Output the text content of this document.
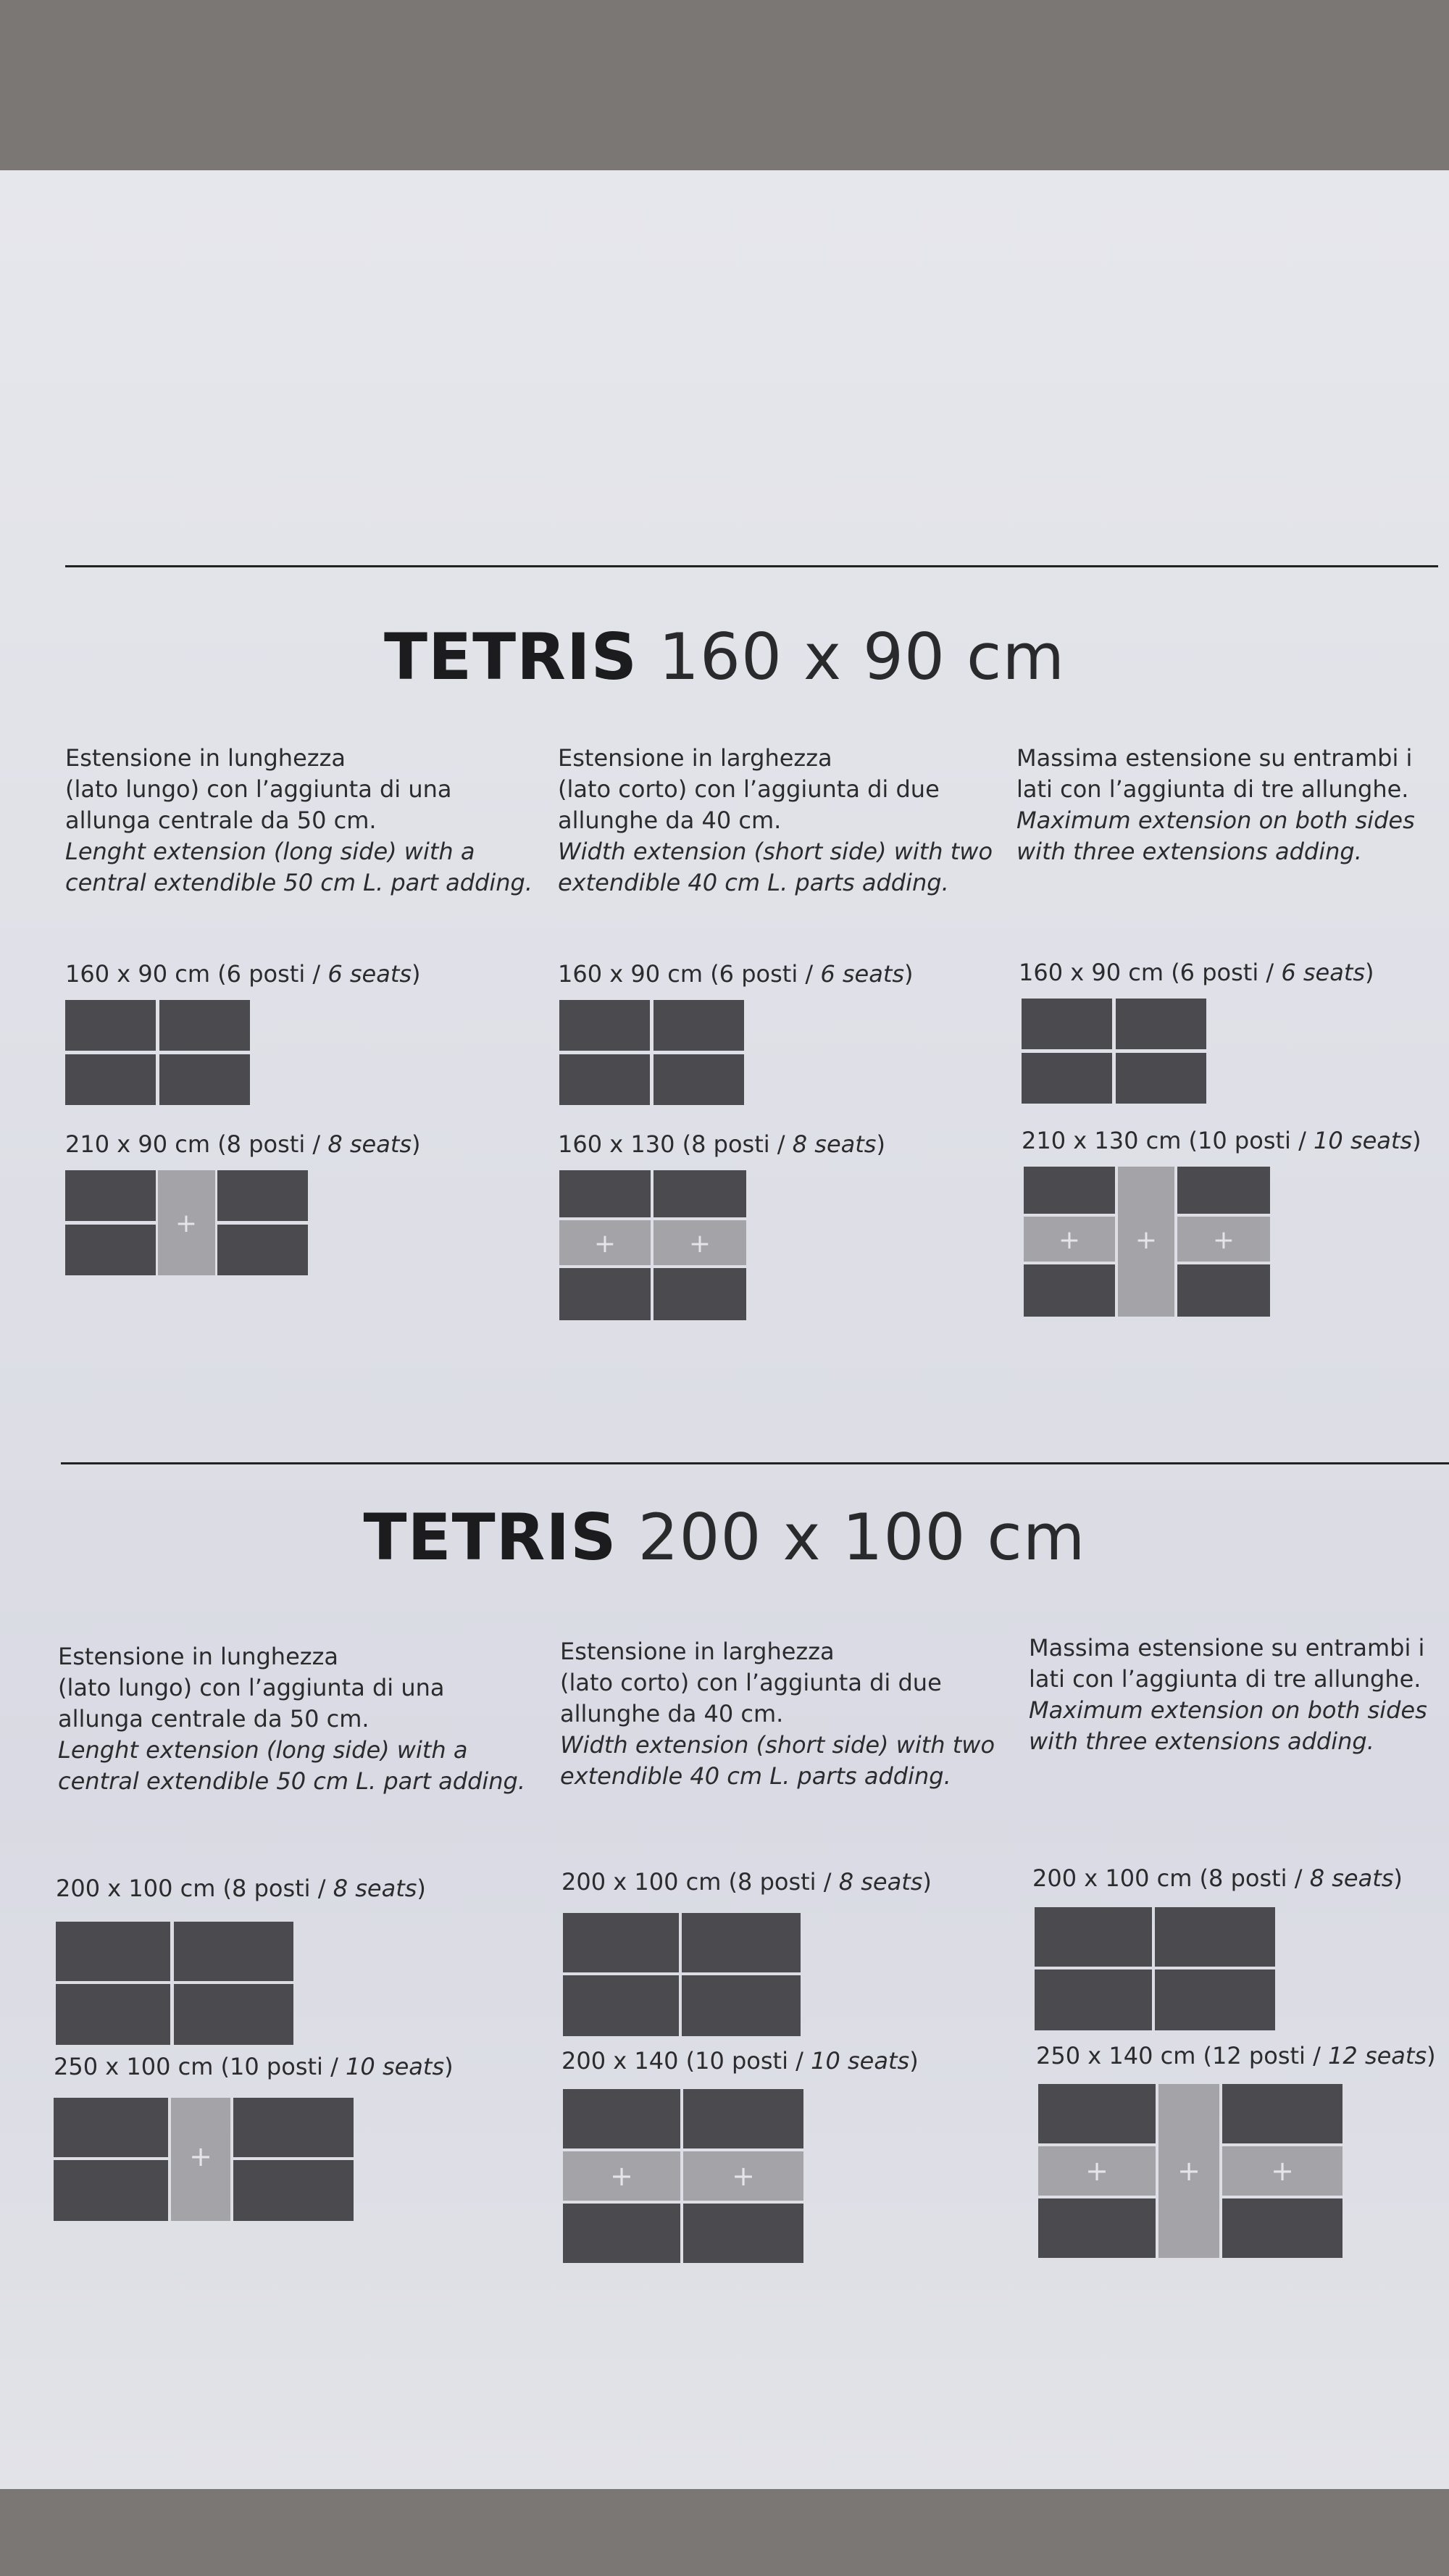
TETRIS 160 x 90 cm
Estensione in lunghezza
(lato lungo) con l’aggiunta di una
allunga centrale da 50 cm.
Lenght extension (long side) with a
central extendible 50 cm L. part adding.
160 x 90 cm (6 posti / 6 seats)
210 x 90 cm (8 posti / 8 seats)
+
Estensione in larghezza
(lato corto) con l’aggiunta di due
allunghe da 40 cm.
Width extension (short side) with two
extendible 40 cm L. parts adding.
160 x 90 cm (6 posti / 6 seats)
160 x 130 (8 posti / 8 seats)
+	+
Massima estensione su entrambi i
lati con l’aggiunta di tre allunghe.
Maximum extension on both sides
with three extensions adding.
160 x 90 cm (6 posti / 6 seats)
210 x 130 cm (10 posti / 10 seats)
+ + +
TETRIS 200 x 100 cm
Estensione in lunghezza
(lato lungo) con l’aggiunta di una
allunga centrale da 50 cm.
Lenght extension (long side) with a
central extendible 50 cm L. part adding.
200 x 100 cm (8 posti / 8 seats)
250 x 100 cm (10 posti / 10 seats)
+
Estensione in larghezza
(lato corto) con l’aggiunta di due
allunghe da 40 cm.
Width extension (short side) with two
extendible 40 cm L. parts adding.
200 x 100 cm (8 posti / 8 seats)
200 x 140 (10 posti / 10 seats)
+	+
Massima estensione su entrambi i
lati con l’aggiunta di tre allunghe.
Maximum extension on both sides
with three extensions adding.
200 x 100 cm (8 posti / 8 seats)
250 x 140 cm (12 posti / 12 seats)
+	+	+
